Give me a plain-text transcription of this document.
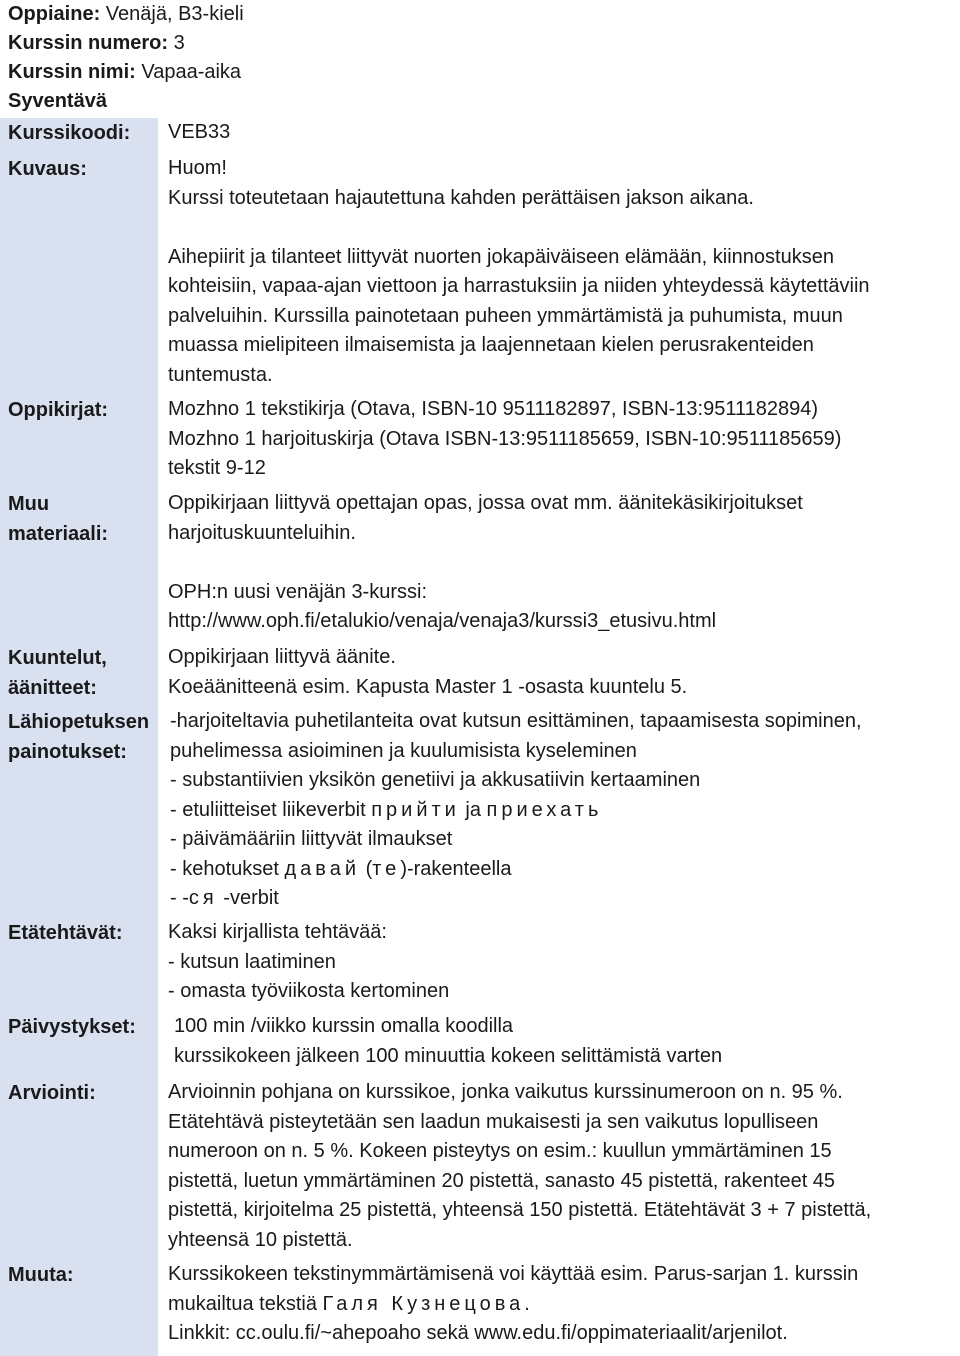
Oppiaine: Venäjä, B3-kieli
Kurssin numero: 3
Kurssin nimi: Vapaa-aika
Syventävä
Kurssikoodi: VEB33
Kuvaus:	Huom!
Kurssi toteutetaan hajautettuna kahden perättäisen jakson aikana.
Aihepiirit ja tilanteet liittyvät nuorten jokapäiväiseen elämään, kiinnostuksen
kohteisiin, vapaa-ajan viettoon ja harrastuksiin ja niiden yhteydessä käytettäviin
palveluihin. Kurssilla painotetaan puheen ymmärtämistä ja puhumista, muun
muassa mielipiteen ilmaisemista ja laajennetaan kielen perusrakenteiden
tuntemusta.
Oppikirjat:	Mozhno 1 tekstikirja (Otava, ISBN-10 9511182897, ISBN-13:9511182894)
Mozhno 1 harjoituskirja (Otava ISBN-13:9511185659, ISBN-10:9511185659)
tekstit 9-12
Muu
materiaali:
Oppikirjaan liittyvä opettajan opas, jossa ovat mm. äänitekäsikirjoitukset
harjoituskuunteluihin.
OPH:n uusi venäjän 3-kurssi:
http://www.oph.fi/etalukio/venaja/venaja3/kurssi3_etusivu.html
Kuuntelut,
äänitteet:
Oppikirjaan liittyvä äänite.
Koeäänitteenä esim. Kapusta Master 1 -osasta kuuntelu 5.
Lähiopetuksen
painotukset:
-harjoiteltavia puhetilanteita ovat kutsun esittäminen, tapaamisesta sopiminen,
puhelimessa asioiminen ja kuulumisista kyseleminen
- substantiivien yksikön genetiivi ja akkusatiivin kertaaminen
- etuliitteiset liikeverbit прийти ja приехать
- päivämääriin liittyvät ilmaukset
- kehotukset давай (те)-rakenteella
- -ся -verbit
Etätehtävät: Kaksi kirjallista tehtävää:
- kutsun laatiminen
- omasta työviikosta kertominen
Päivystykset: 100 min /viikko kurssin omalla koodilla
kurssikokeen jälkeen 100 minuuttia kokeen selittämistä varten
Arviointi:	Arvioinnin pohjana on kurssikoe, jonka vaikutus kurssinumeroon on n. 95 %.
Etätehtävä pisteytetään sen laadun mukaisesti ja sen vaikutus lopulliseen
numeroon on n. 5 %. Kokeen pisteytys on esim.: kuullun ymmärtäminen 15
pistettä, luetun ymmärtäminen 20 pistettä, sanasto 45 pistettä, rakenteet 45
pistettä, kirjoitelma 25 pistettä, yhteensä 150 pistettä. Etätehtävät 3 + 7 pistettä,
yhteensä 10 pistettä.
Muuta:	Kurssikokeen tekstinymmärtämisenä voi käyttää esim. Parus-sarjan 1. kurssin
mukailtua tekstiä Галя Кузнецова.
Linkkit: cc.oulu.fi/~ahepoaho sekä www.edu.fi/oppimateriaalit/arjenilot.
